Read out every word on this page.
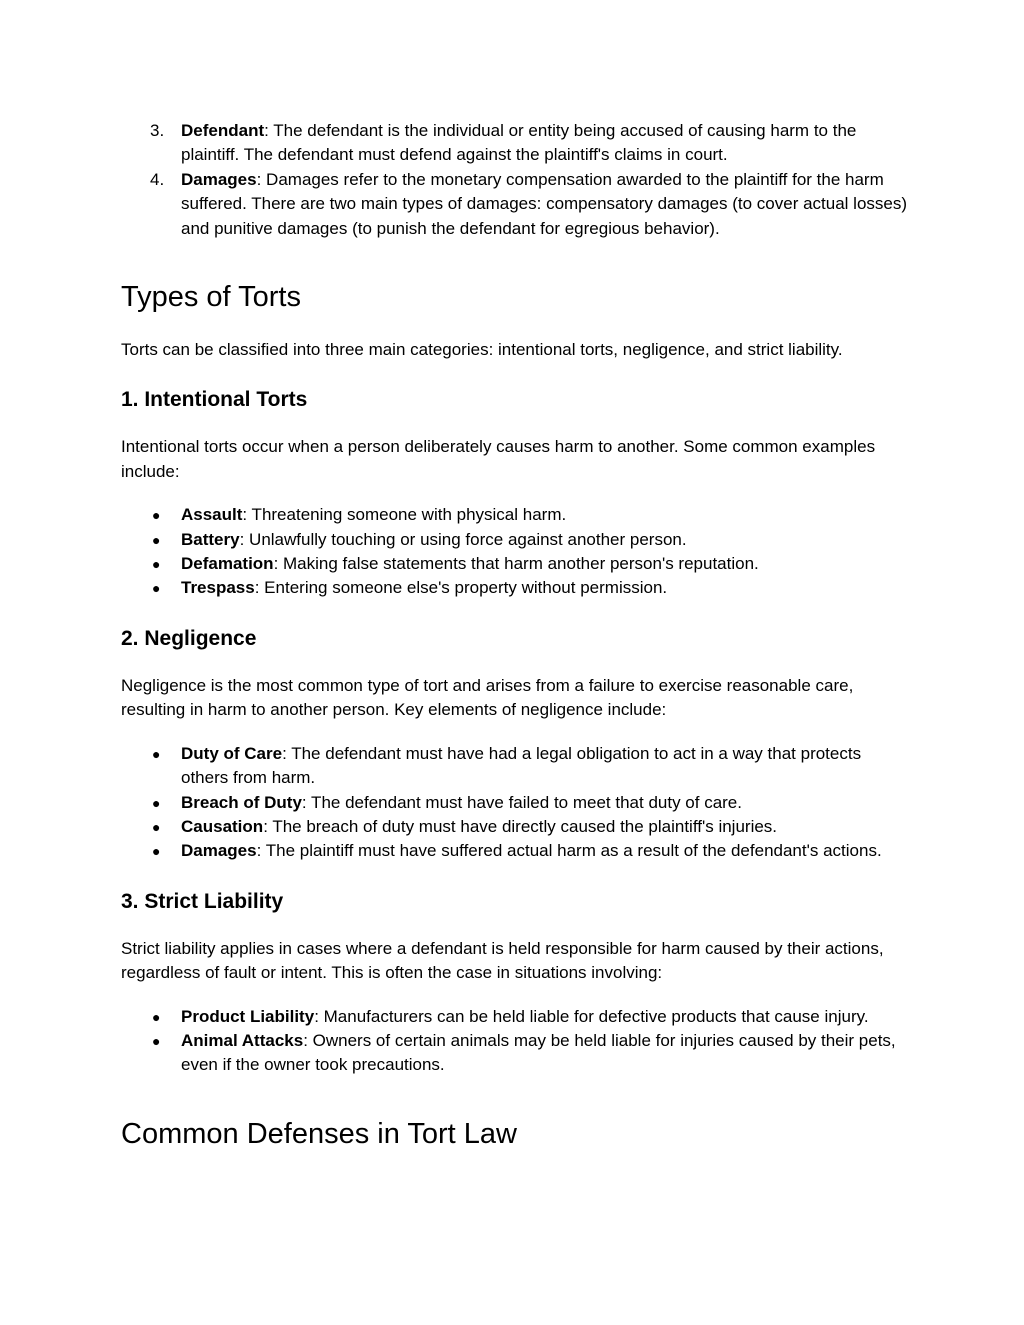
3. Defendant: The defendant is the individual or entity being accused of causing harm to the plaintiff. The defendant must defend against the plaintiff's claims in court.
4. Damages: Damages refer to the monetary compensation awarded to the plaintiff for the harm suffered. There are two main types of damages: compensatory damages (to cover actual losses) and punitive damages (to punish the defendant for egregious behavior).
Types of Torts

Torts can be classified into three main categories: intentional torts, negligence, and strict liability.

1. Intentional Torts

Intentional torts occur when a person deliberately causes harm to another. Some common examples include:

● Assault: Threatening someone with physical harm.
● Battery: Unlawfully touching or using force against another person.
● Defamation: Making false statements that harm another person's reputation.
● Trespass: Entering someone else's property without permission.
2. Negligence

Negligence is the most common type of tort and arises from a failure to exercise reasonable care, resulting in harm to another person. Key elements of negligence include:

● Duty of Care: The defendant must have had a legal obligation to act in a way that protects others from harm.
● Breach of Duty: The defendant must have failed to meet that duty of care.
● Causation: The breach of duty must have directly caused the plaintiff's injuries.
● Damages: The plaintiff must have suffered actual harm as a result of the defendant's actions.
3. Strict Liability

Strict liability applies in cases where a defendant is held responsible for harm caused by their actions, regardless of fault or intent. This is often the case in situations involving:

● Product Liability: Manufacturers can be held liable for defective products that cause injury.
● Animal Attacks: Owners of certain animals may be held liable for injuries caused by their pets, even if the owner took precautions.
Common Defenses in Tort Law
